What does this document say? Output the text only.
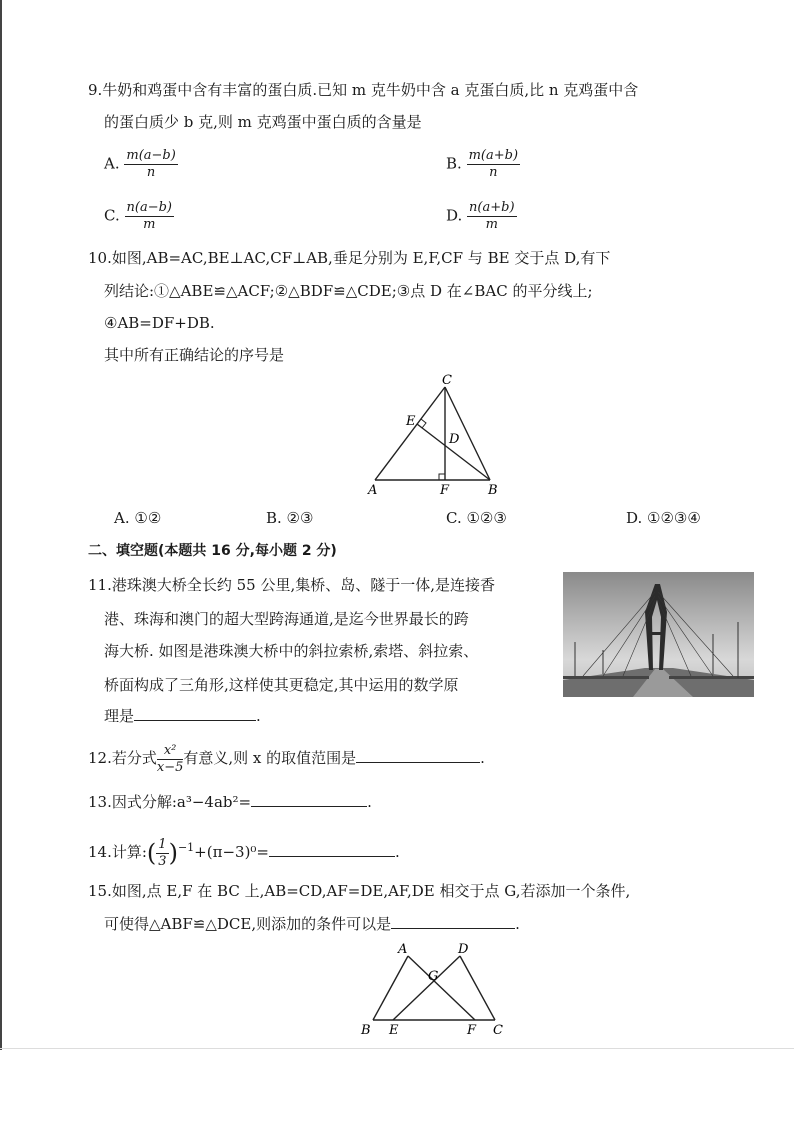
9.牛奶和鸡蛋中含有丰富的蛋白质.已知 m 克牛奶中含 a 克蛋白质,比 n 克鸡蛋中含
的蛋白质少 b 克,则 m 克鸡蛋中蛋白质的含量是
A. $\frac{m(a-b)}{n}$	B. $\frac{m(a+b)}{n}$
C. $\frac{n(a-b)}{m}$	D. $\frac{n(a+b)}{m}$
10.如图,AB=AC,BE⊥AC,CF⊥AB,垂足分别为 E,F,CF 与 BE 交于点 D,有下
列结论:①△ABE≌△ACF;②△BDF≌△CDE;③点 D 在∠BAC 的平分线上;
④AB=DF+DB.
其中所有正确结论的序号是
C
E
D
A	F	B
A. ①②	B. ②③	C. ①②③	D. ①②③④
二、填空题(本题共 16 分,每小题 2 分)
11.港珠澳大桥全长约 55 公里,集桥、岛、隧于一体,是连接香
港、珠海和澳门的超大型跨海通道,是迄今世界最长的跨
海大桥. 如图是港珠澳大桥中的斜拉索桥,索塔、斜拉索、
桥面构成了三角形,这样使其更稳定,其中运用的数学原
理是	.
12.若分式 $\frac{\text{x²}}{x-5}$ 有意义,则 x 的取值范围是	.
13.因式分解:a³−4ab²=	.
14.计算:( $\frac{1}{3} )^{-1}+(\pi-3)^0=$	.
15.如图,点 E,F 在 BC 上,AB=CD,AF=DE,AF,DE 相交于点 G,若添加一个条件,
可使得△ABF≌△DCE,则添加的条件可以是	.
A	D
G
B E	F C
